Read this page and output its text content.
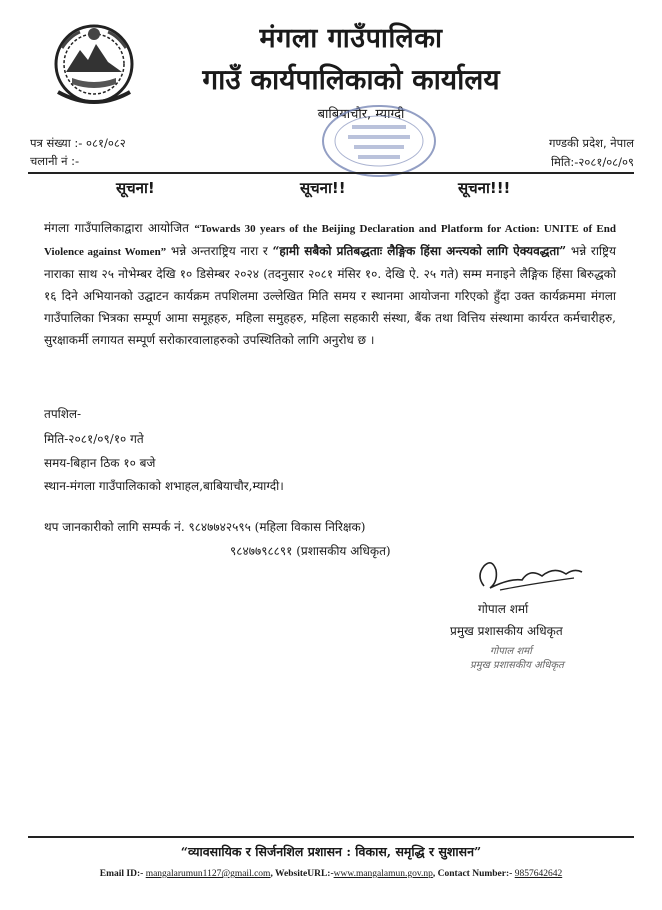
मंगला गाउँपालिका
गाउँ कार्यपालिकाको कार्यालय
बाबियाचौर, म्याग्दी
पत्र संख्या :- ०८१/०८२
चलानी नं :-
गण्डकी प्रदेश, नेपाल
मिति:-२०८१/०८/०९
सूचना!	सूचना!!	सूचना!!!
मंगला गाउँपालिकाद्वारा आयोजित “Towards 30 years of the Beijing Declaration and Platform for Action: UNITE of End Violence against Women” भन्ने अन्तराष्ट्रिय नारा र “हामी सबैको प्रतिबद्धताः लैङ्गिक हिंसा अन्त्यको लागि ऐक्यवद्धता” भन्ने राष्ट्रिय नाराका साथ २५ नोभेम्बर देखि १० डिसेम्बर २०२४ (तदनुसार २०८१ मंसिर १०. देखि ऐ. २५ गते) सम्म मनाइने लैङ्गिक हिंसा बिरुद्धको १६ दिने अभियानको उद्घाटन कार्यक्रम तपशिलमा उल्लेखित मिति समय र स्थानमा आयोजना गरिएको हुँदा उक्त कार्यक्रममा मंगला गाउँपालिका भित्रका सम्पूर्ण आमा समूहहरु, महिला समुहहरु, महिला सहकारी संस्था, बैंक तथा वित्तिय संस्थामा कार्यरत कर्मचारीहरु, सुरक्षाकर्मी लगायत सम्पूर्ण सरोकारवालाहरुको उपस्थितिको लागि अनुरोध छ ।
तपशिल-
मिति-२०८१/०९/१० गते
समय-बिहान ठिक १० बजे
स्थान-मंगला गाउँपालिकाको शभाहल,बाबियाचौर,म्याग्दी।
थप जानकारीको लागि सम्पर्क नं. ९८४७७४२५९५ (महिला विकास निरिक्षक)
९८४७७९८८९१ (प्रशासकीय अधिकृत)
गोपाल शर्मा
प्रमुख प्रशासकीय अधिकृत
गोपाल शर्मा
प्रमुख प्रशासकीय अधिकृत
“व्यावसायिक र सिर्जनशिल प्रशासन : विकास, समृद्धि र सुशासन”
Email ID:- mangalarumun1127@gmail.com, WebsiteURL:-www.mangalamun.gov.np, Contact Number:- 9857642642
